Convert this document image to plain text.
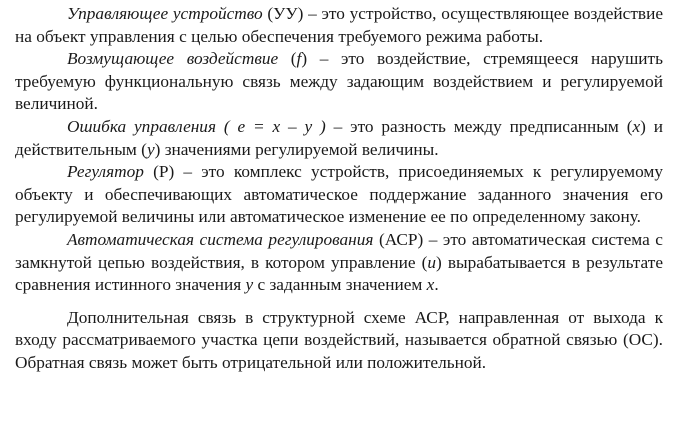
Управляющее устройство (УУ) – это устройство, осуществляющее воздействие на объект управления с целью обеспечения требуемого режима работы.

Возмущающее воздействие (f) – это воздействие, стремящееся нарушить требуемую функциональную связь между задающим воздействием и регулируемой величиной.

Ошибка управления ( e = x – y ) – это разность между предписанным (x) и действительным (y) значениями регулируемой величины.

Регулятор (Р) – это комплекс устройств, присоединяемых к регулируемому объекту и обеспечивающих автоматическое поддержание заданного значения его регулируемой величины или автоматическое изменение ее по определенному закону.

Автоматическая система регулирования (АСР) – это автоматическая система с замкнутой цепью воздействия, в котором управление (u) вырабатывается в результате сравнения истинного значения y с заданным значением x.

Дополнительная связь в структурной схеме АСР, направленная от выхода к входу рассматриваемого участка цепи воздействий, называется обратной связью (ОС). Обратная связь может быть отрицательной или положительной.
